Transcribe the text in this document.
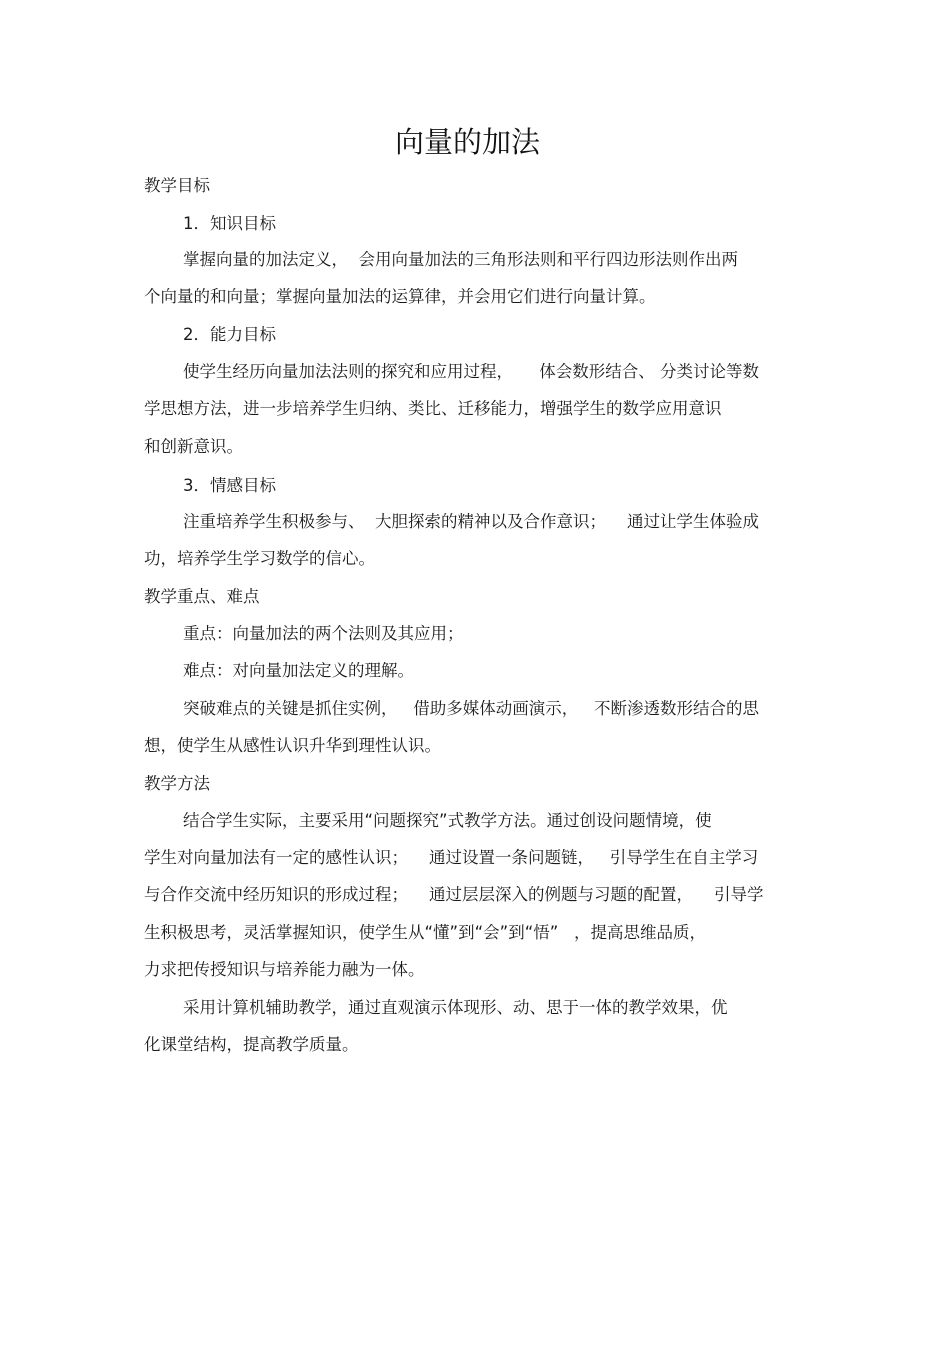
向量的加法
教学目标
1．知识目标
掌握向量的加法定义，  会用向量加法的三角形法则和平行四边形法则作出两
个向量的和向量；掌握向量加法的运算律，并会用它们进行向量计算。
2．能力目标
使学生经历向量加法法则的探究和应用过程，     体会数形结合、 分类讨论等数
学思想方法，进一步培养学生归纳、类比、迁移能力，增强学生的数学应用意识
和创新意识。
3．情感目标
注重培养学生积极参与、  大胆探索的精神以及合作意识；    通过让学生体验成
功，培养学生学习数学的信心。
教学重点、难点
重点：向量加法的两个法则及其应用；
难点：对向量加法定义的理解。
突破难点的关键是抓住实例，   借助多媒体动画演示，   不断渗透数形结合的思
想，使学生从感性认识升华到理性认识。
教学方法
结合学生实际，主要采用“问题探究”式教学方法。通过创设问题情境，使
学生对向量加法有一定的感性认识；    通过设置一条问题链，   引导学生在自主学习
与合作交流中经历知识的形成过程；    通过层层深入的例题与习题的配置，    引导学
生积极思考，灵活掌握知识，使学生从“懂”到“会”到“悟”   ，提高思维品质，
力求把传授知识与培养能力融为一体。
采用计算机辅助教学，通过直观演示体现形、动、思于一体的教学效果，优
化课堂结构，提高教学质量。
